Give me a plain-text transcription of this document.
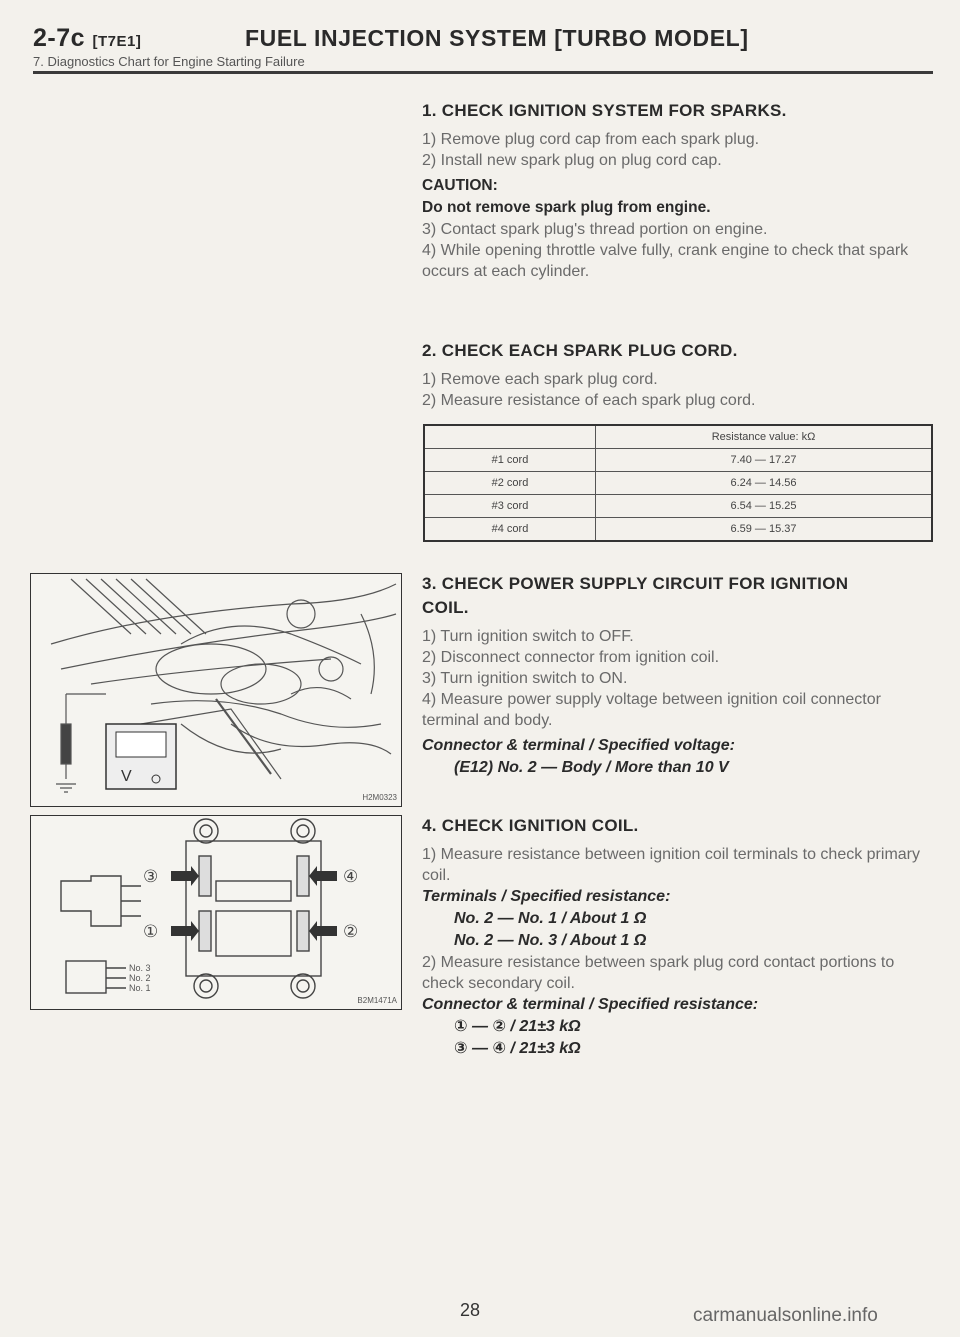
2-7c [T7E1]	FUEL INJECTION SYSTEM [TURBO MODEL]
7. Diagnostics Chart for Engine Starting Failure

1. CHECK IGNITION SYSTEM FOR SPARKS.

1) Remove plug cord cap from each spark plug.

2) Install new spark plug on plug cord cap.

CAUTION:

Do not remove spark plug from engine.

3) Contact spark plug's thread portion on engine.

4) While opening throttle valve fully, crank engine to check that spark occurs at each cylinder.

2. CHECK EACH SPARK PLUG CORD.

1) Remove each spark plug cord.

2) Measure resistance of each spark plug cord.

	Resistance value: kΩ
#1 cord	7.40 — 17.27
#2 cord	6.24 — 14.56
#3 cord	6.54 — 15.25
#4 cord	6.59 — 15.37

3. CHECK POWER SUPPLY CIRCUIT FOR IGNITION

COIL.

1) Turn ignition switch to OFF.

2) Disconnect connector from ignition coil.

3) Turn ignition switch to ON.

4) Measure power supply voltage between ignition coil connector terminal and body.

Connector & terminal / Specified voltage:

(E12) No. 2 — Body / More than 10 V

4. CHECK IGNITION COIL.

1) Measure resistance between ignition coil terminals to check primary coil.

Terminals / Specified resistance:

No. 2 — No. 1 / About 1 Ω

No. 2 — No. 3 / About 1 Ω

2) Measure resistance between spark plug cord contact portions to check secondary coil.

Connector & terminal / Specified resistance:

① — ② / 21±3 kΩ

③ — ④ / 21±3 kΩ

V
H2M0323
③	④
①	②
No. 3
No. 2
No. 1
B2M1471A
28	carmanualsonline.info
